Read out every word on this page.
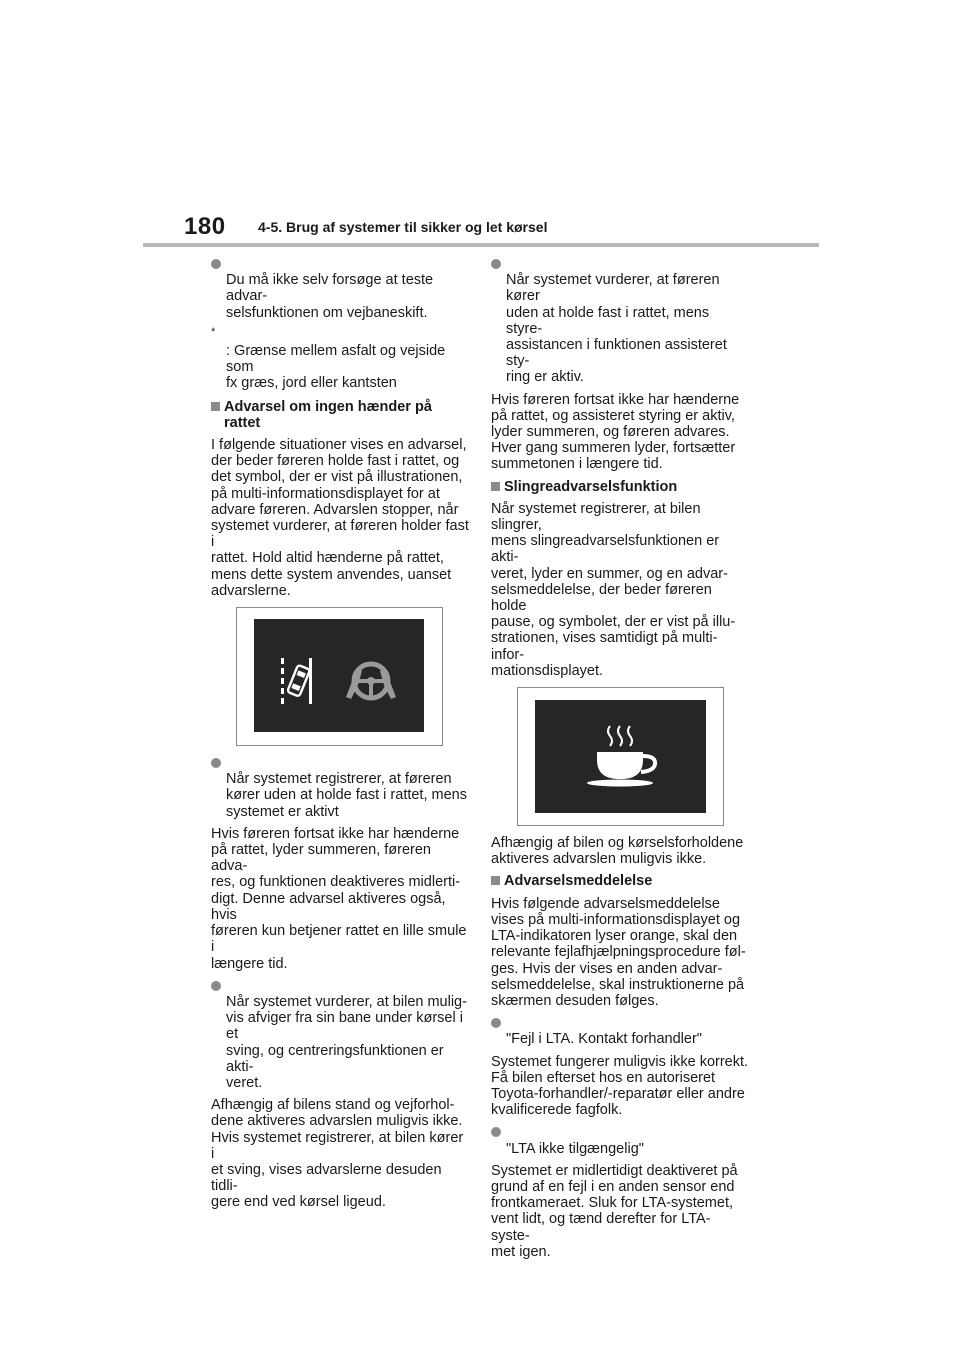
180 4-5. Brug af systemer til sikker og let kørsel

Du må ikke selv forsøge at teste advar-
selsfunktionen om vejbaneskift.

*
: Grænse mellem asfalt og vejside som
fx græs, jord eller kantsten

Advarsel om ingen hænder på rattet
I følgende situationer vises en advarsel,
der beder føreren holde fast i rattet, og
det symbol, der er vist på illustrationen,
på multi-informationsdisplayet for at
advare føreren. Advarslen stopper, når
systemet vurderer, at føreren holder fast i
rattet. Hold altid hænderne på rattet,
mens dette system anvendes, uanset
advarslerne.

Når systemet registrerer, at føreren
kører uden at holde fast i rattet, mens
systemet er aktivt

Hvis føreren fortsat ikke har hænderne
på rattet, lyder summeren, føreren adva-
res, og funktionen deaktiveres midlerti-
digt. Denne advarsel aktiveres også, hvis
føreren kun betjener rattet en lille smule i
længere tid.

Når systemet vurderer, at bilen mulig-
vis afviger fra sin bane under kørsel i et
sving, og centreringsfunktionen er akti-
veret.

Afhængig af bilens stand og vejforhol-
dene aktiveres advarslen muligvis ikke.
Hvis systemet registrerer, at bilen kører i
et sving, vises advarslerne desuden tidli-
gere end ved kørsel ligeud.

Når systemet vurderer, at føreren kører
uden at holde fast i rattet, mens styre-
assistancen i funktionen assisteret sty-
ring er aktiv.

Hvis føreren fortsat ikke har hænderne
på rattet, og assisteret styring er aktiv,
lyder summeren, og føreren advares.
Hver gang summeren lyder, fortsætter
summetonen i længere tid.
Slingreadvarselsfunktion
Når systemet registrerer, at bilen slingrer,
mens slingreadvarselsfunktionen er akti-
veret, lyder en summer, og en advar-
selsmeddelelse, der beder føreren holde
pause, og symbolet, der er vist på illu-
strationen, vises samtidigt på multi-infor-
mationsdisplayet.
Afhængig af bilen og kørselsforholdene
aktiveres advarslen muligvis ikke.
Advarselsmeddelelse
Hvis følgende advarselsmeddelelse
vises på multi-informationsdisplayet og
LTA-indikatoren lyser orange, skal den
relevante fejlafhjælpningsprocedure føl-
ges. Hvis der vises en anden advar-
selsmeddelelse, skal instruktionerne på
skærmen desuden følges.

"Fejl i LTA. Kontakt forhandler"

Systemet fungerer muligvis ikke korrekt.
Få bilen efterset hos en autoriseret
Toyota-forhandler/-reparatør eller andre
kvalificerede fagfolk.

"LTA ikke tilgængelig"

Systemet er midlertidigt deaktiveret på
grund af en fejl i en anden sensor end
frontkameraet. Sluk for LTA-systemet,
vent lidt, og tænd derefter for LTA-syste-
met igen.
